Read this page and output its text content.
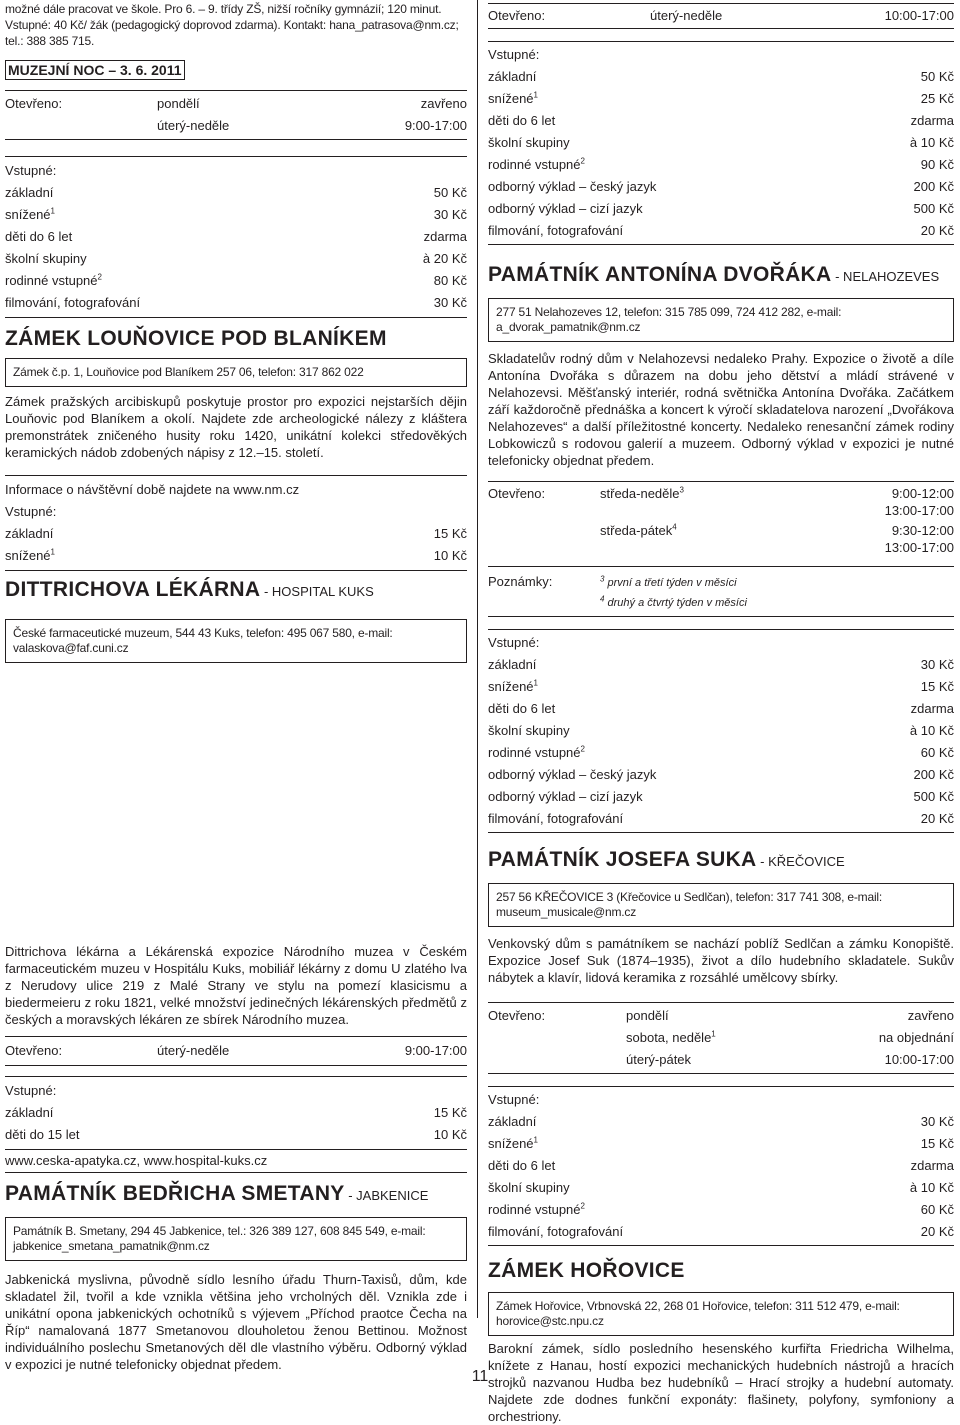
možné dále pracovat ve škole. Pro 6. – 9. třídy ZŠ, nižší ročníky gymnázií; 120 minut.
Vstupné: 40 Kč/ žák (pedagogický doprovod zdarma). Kontakt: hana_patrasova@nm.cz; tel.: 388 385 715.
MUZEJNÍ NOC – 3. 6. 2011
Otevřeno:	pondělí	zavřeno
úterý-neděle	9:00-17:00
Vstupné:
základní	50 Kč
snížené$^1$	30 Kč
děti do 6 let	zdarma
školní skupiny	à 20 Kč
rodinné vstupné$^2$	80 Kč
filmování, fotografování	30 Kč
ZÁMEK LOUŇOVICE POD BLANÍKEM
Zámek č.p. 1, Louňovice pod Blaníkem 257 06, telefon: 317 862 022
Zámek pražských arcibiskupů poskytuje prostor pro expozici nejstarších dějin Louňovic pod Blaníkem a okolí. Najdete zde archeologické nálezy z kláštera premonstrátek zničeného husity roku 1420, unikátní kolekci středověkých keramických nádob zdobených nápisy z 12.–15. století.
Informace o návštěvní době najdete na www.nm.cz
Vstupné:
základní	15 Kč
snížené$^1$	10 Kč
DITTRICHOVA LÉKÁRNA - HOSPITAL KUKS
České farmaceutické muzeum, 544 43 Kuks, telefon: 495 067 580, e-mail: valaskova@faf.cuni.cz
Dittrichova lékárna a Lékárenská expozice Národního muzea v Českém farmaceutickém muzeu v Hospitálu Kuks, mobiliář lékárny z domu U zlatého lva z Nerudovy ulice 219 z Malé Strany ve stylu na pomezí klasicismu a biedermeieru z roku 1821, velké množství jedinečných lékárenských předmětů z českých a moravských lékáren ze sbírek Národního muzea.
Otevřeno:	úterý-neděle	9:00-17:00
Vstupné:
základní	15 Kč
děti do 15 let	10 Kč
www.ceska-apatyka.cz, www.hospital-kuks.cz
PAMÁTNÍK BEDŘICHA SMETANY - JABKENICE
Památník B. Smetany, 294 45 Jabkenice, tel.: 326 389 127, 608 845 549, e-mail: jabkenice_smetana_pamatnik@nm.cz
Jabkenická myslivna, původně sídlo lesního úřadu Thurn-Taxisů, dům, kde skladatel žil, tvořil a kde vznikla většina jeho vrcholných děl. Vznikla zde i unikátní opona jabkenických ochotníků s výjevem „Příchod praotce Čecha na Říp“ namalovaná 1877 Smetanovou dlouholetou ženou Bettinou. Možnost individuálního poslechu Smetanových děl dle vlastního výběru. Odborný výklad v expozici je nutné telefonicky objednat předem.
Otevřeno:	úterý-neděle	10:00-17:00
Vstupné:
základní	50 Kč
snížené$^1$	25 Kč
děti do 6 let	zdarma
školní skupiny	à 10 Kč
rodinné vstupné$^2$	90 Kč
odborný výklad – český jazyk	200 Kč
odborný výklad – cizí jazyk	500 Kč
filmování, fotografování	20 Kč
PAMÁTNÍK ANTONÍNA DVOŘÁKA - NELAHOZEVES
277 51 Nelahozeves 12, telefon: 315 785 099, 724 412 282, e-mail: a_dvorak_pamatnik@nm.cz
Skladatelův rodný dům v Nelahozevsi nedaleko Prahy. Expozice o životě a díle Antonína Dvořáka s důrazem na dobu jeho dětství a mládí strávené v Nelahozevsi. Měšťanský interiér, rodná světnička Antonína Dvořáka. Začátkem září každoročně přednáška a koncert k výročí skladatelova narození „Dvořákova Nelahozeves“ a další příležitostné koncerty. Nedaleko renesanční zámek rodiny Lobkowiczů s rodovou galerií a muzeem. Odborný výklad v expozici je nutné telefonicky objednat předem.
Otevřeno:	středa-neděle$^3$	9:00-12:00
13:00-17:00
středa-pátek$^4$	9:30-12:00
13:00-17:00
Poznámky:	$^3$ první a třetí týden v měsíci
$^4$ druhý a čtvrtý týden v měsíci
Vstupné:
základní	30 Kč
snížené$^1$	15 Kč
děti do 6 let	zdarma
školní skupiny	à 10 Kč
rodinné vstupné$^2$	60 Kč
odborný výklad – český jazyk	200 Kč
odborný výklad – cizí jazyk	500 Kč
filmování, fotografování	20 Kč
PAMÁTNÍK JOSEFA SUKA - KŘEČOVICE
257 56 KŘEČOVICE 3 (Křečovice u Sedlčan), telefon: 317 741 308, e-mail: museum_musicale@nm.cz
Venkovský dům s památníkem se nachází poblíž Sedlčan a zámku Konopiště. Expozice Josef Suk (1874–1935), život a dílo hudebního skladatele. Sukův nábytek a klavír, lidová keramika z rozsáhlé umělcovy sbírky.
Otevřeno:	pondělí	zavřeno
sobota, neděle$^1$	na objednání
úterý-pátek	10:00-17:00
Vstupné:
základní	30 Kč
snížené$^1$	15 Kč
děti do 6 let	zdarma
školní skupiny	à 10 Kč
rodinné vstupné$^2$	60 Kč
filmování, fotografování	20 Kč
ZÁMEK HOŘOVICE
Zámek Hořovice, Vrbnovská 22, 268 01 Hořovice, telefon: 311 512 479, e-mail: horovice@stc.npu.cz
Barokní zámek, sídlo posledního hesenského kurfiřta Friedricha Wilhelma, knížete z Hanau, hostí expozici mechanických hudebních nástrojů a hracích strojků nazvanou Hudba bez hudebníků – Hrací strojky a hudební automaty. Najdete zde dodnes funkční exponáty: flašinety, polyfony, symfoniony a orchestriony.
11
